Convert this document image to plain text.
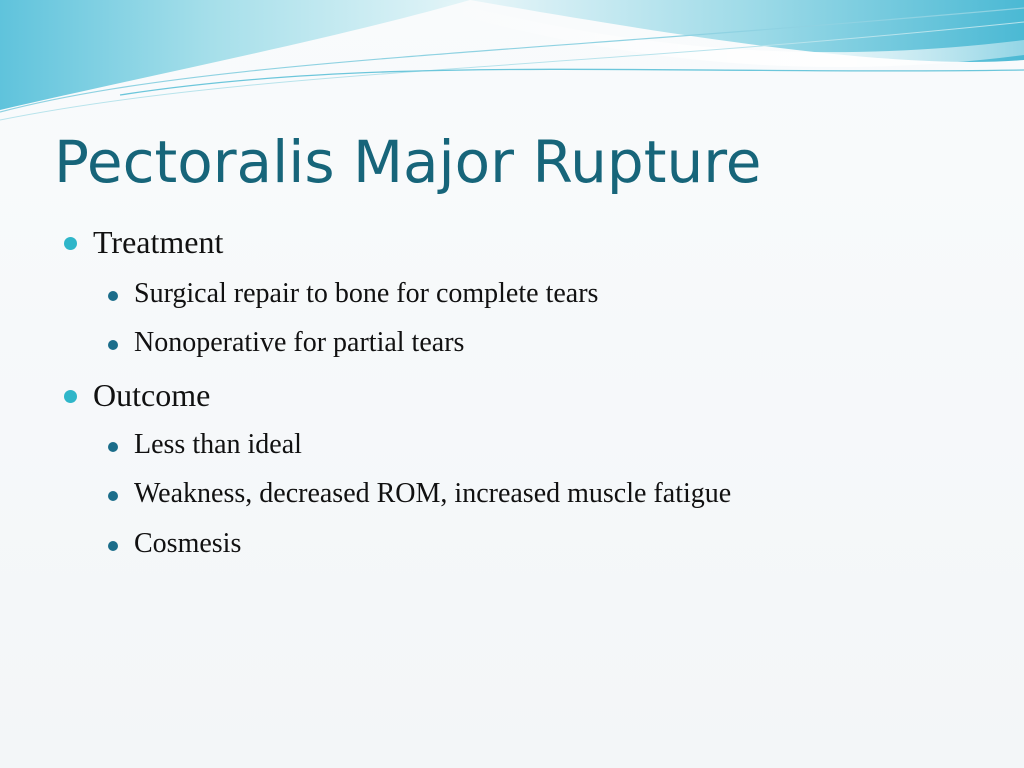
Pectoralis Major Rupture
Treatment
Surgical repair to bone for complete tears
Nonoperative for partial tears
Outcome
Less than ideal
Weakness, decreased ROM, increased muscle fatigue
Cosmesis
